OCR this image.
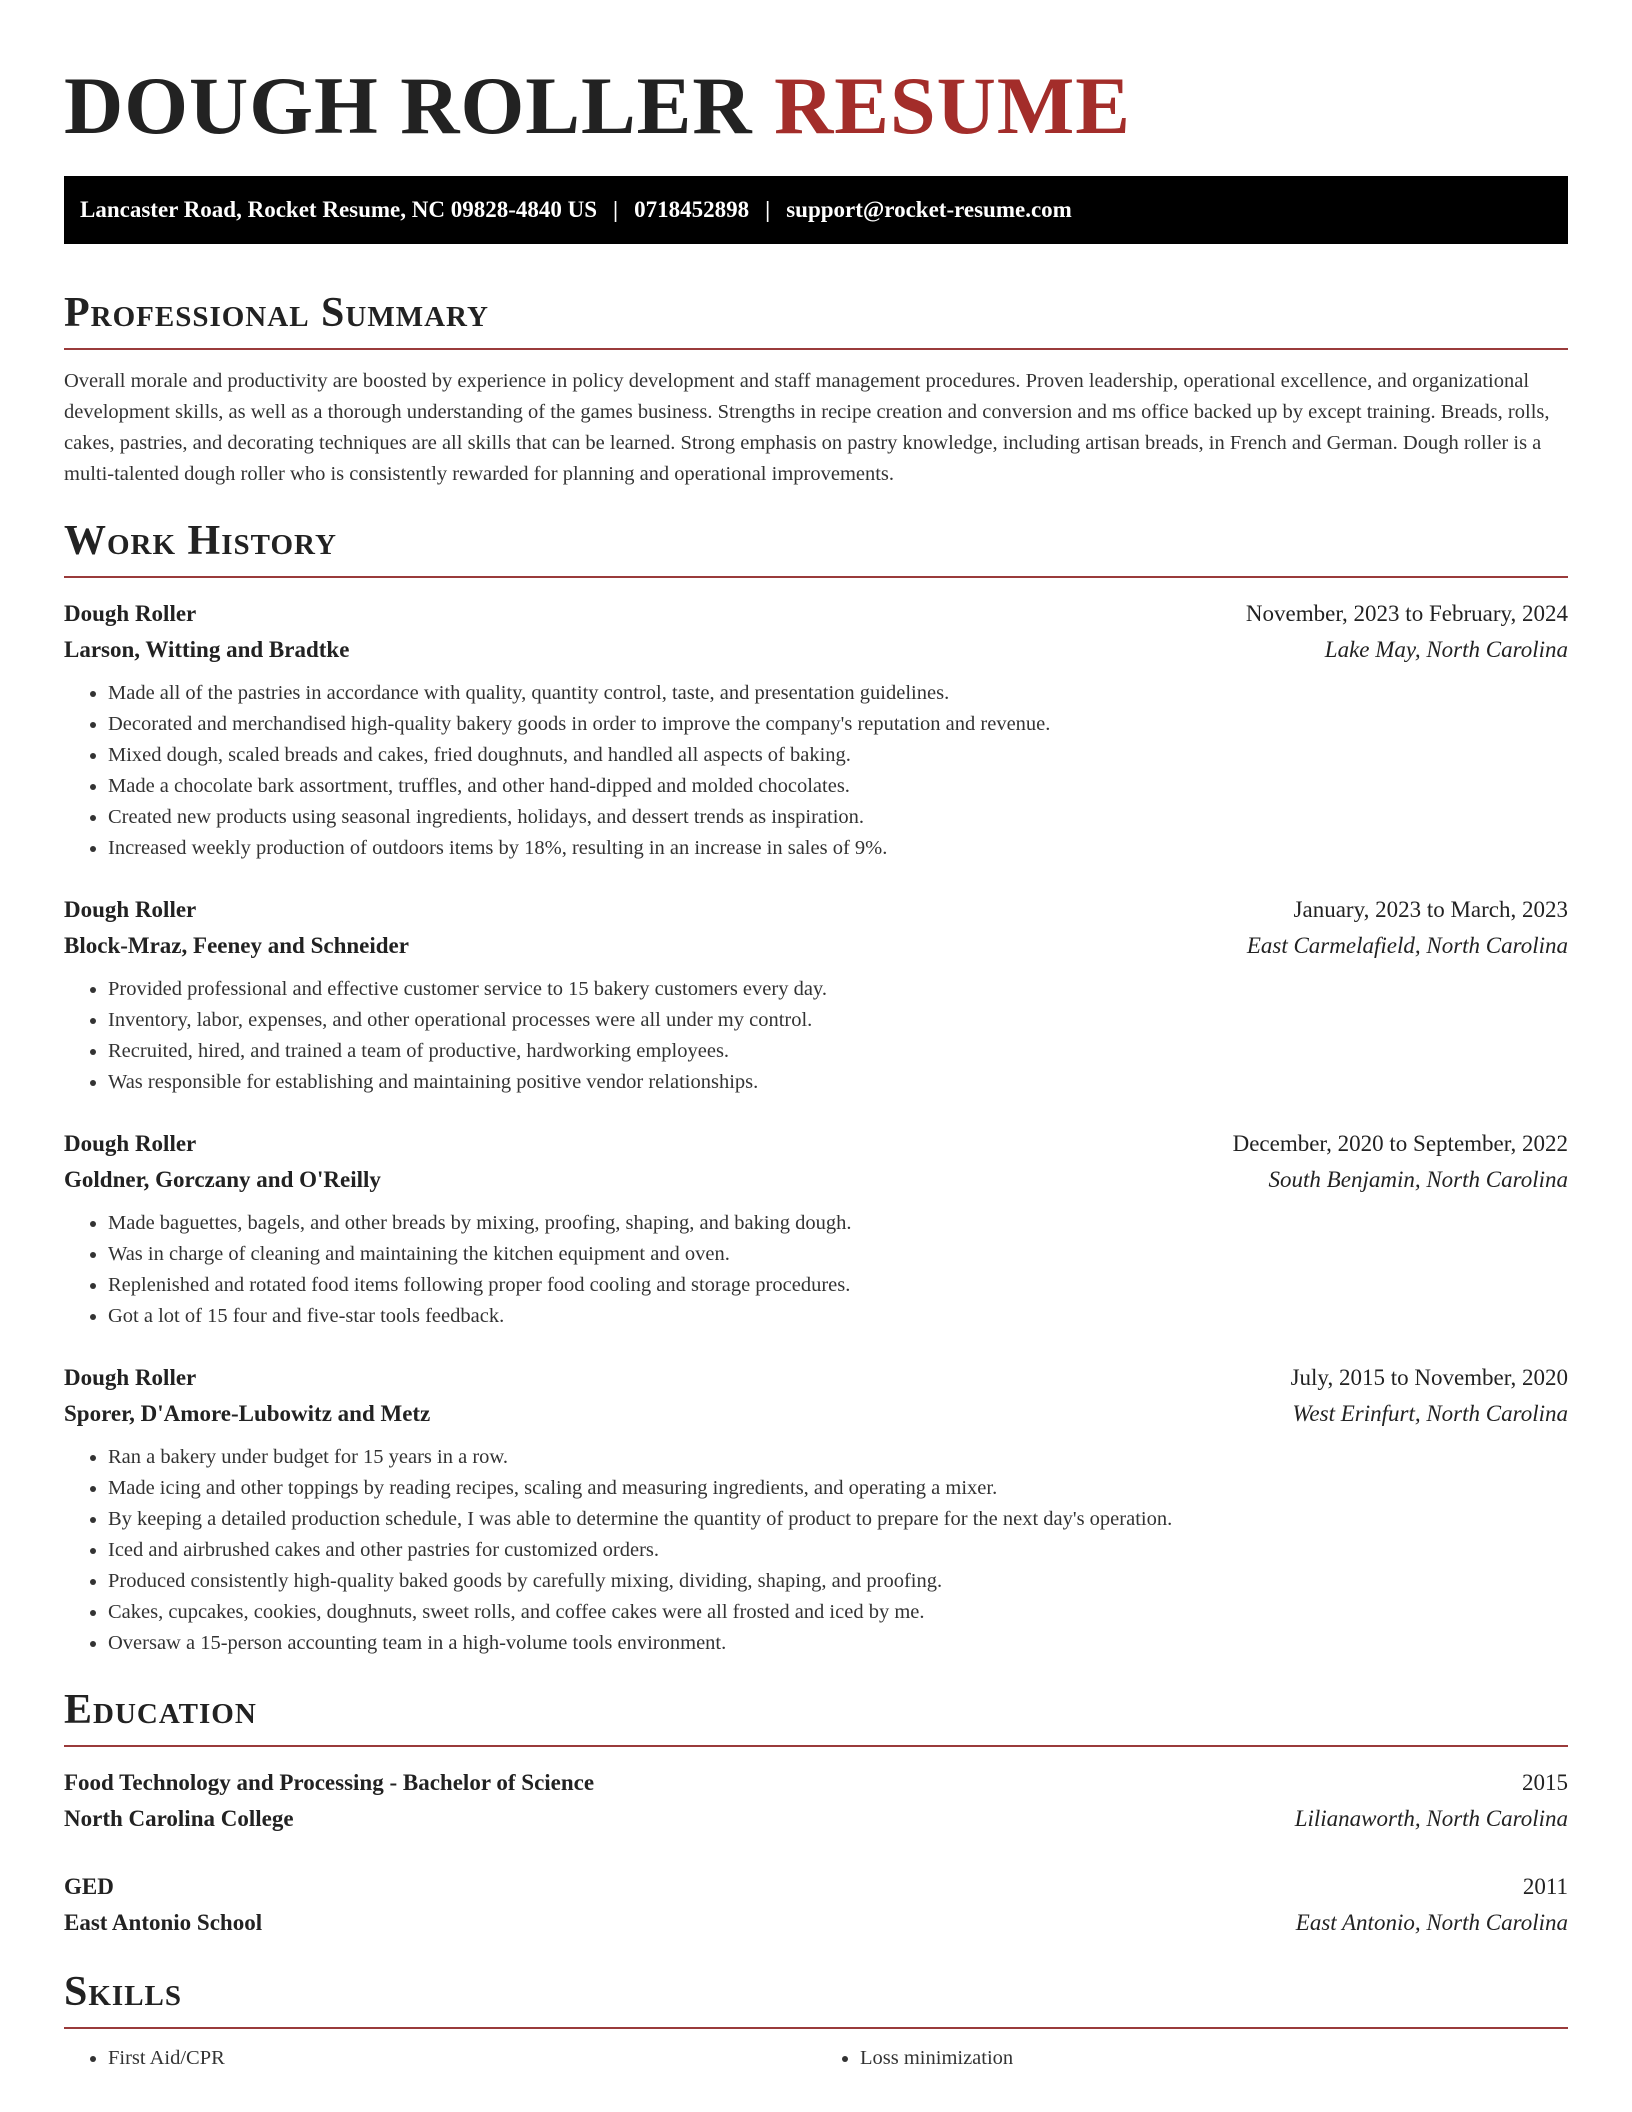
DOUGH ROLLER RESUME
Lancaster Road, Rocket Resume, NC 09828-4840 US | 0718452898 | support@rocket-resume.com
Professional Summary

Overall morale and productivity are boosted by experience in policy development and staff management procedures. Proven leadership, operational excellence, and organizational development skills, as well as a thorough understanding of the games business. Strengths in recipe creation and conversion and ms office backed up by except training. Breads, rolls, cakes, pastries, and decorating techniques are all skills that can be learned. Strong emphasis on pastry knowledge, including artisan breads, in French and German. Dough roller is a multi-talented dough roller who is consistently rewarded for planning and operational improvements.

Work History
Dough Roller	November, 2023 to February, 2024
Larson, Witting and Bradtke	Lake May, North Carolina
• Made all of the pastries in accordance with quality, quantity control, taste, and presentation guidelines.
• Decorated and merchandised high-quality bakery goods in order to improve the company's reputation and revenue.
• Mixed dough, scaled breads and cakes, fried doughnuts, and handled all aspects of baking.
• Made a chocolate bark assortment, truffles, and other hand-dipped and molded chocolates.
• Created new products using seasonal ingredients, holidays, and dessert trends as inspiration.
• Increased weekly production of outdoors items by 18%, resulting in an increase in sales of 9%.
Dough Roller	January, 2023 to March, 2023
Block-Mraz, Feeney and Schneider	East Carmelafield, North Carolina
• Provided professional and effective customer service to 15 bakery customers every day.
• Inventory, labor, expenses, and other operational processes were all under my control.
• Recruited, hired, and trained a team of productive, hardworking employees.
• Was responsible for establishing and maintaining positive vendor relationships.
Dough Roller	December, 2020 to September, 2022
Goldner, Gorczany and O'Reilly	South Benjamin, North Carolina
• Made baguettes, bagels, and other breads by mixing, proofing, shaping, and baking dough.
• Was in charge of cleaning and maintaining the kitchen equipment and oven.
• Replenished and rotated food items following proper food cooling and storage procedures.
• Got a lot of 15 four and five-star tools feedback.
Dough Roller	July, 2015 to November, 2020
Sporer, D'Amore-Lubowitz and Metz	West Erinfurt, North Carolina
• Ran a bakery under budget for 15 years in a row.
• Made icing and other toppings by reading recipes, scaling and measuring ingredients, and operating a mixer.
• By keeping a detailed production schedule, I was able to determine the quantity of product to prepare for the next day's operation.
• Iced and airbrushed cakes and other pastries for customized orders.
• Produced consistently high-quality baked goods by carefully mixing, dividing, shaping, and proofing.
• Cakes, cupcakes, cookies, doughnuts, sweet rolls, and coffee cakes were all frosted and iced by me.
• Oversaw a 15-person accounting team in a high-volume tools environment.
Education
Food Technology and Processing - Bachelor of Science	2015
North Carolina College	Lilianaworth, North Carolina
GED	2011
East Antonio School	East Antonio, North Carolina
Skills
• First Aid/CPR
•	Loss minimization
